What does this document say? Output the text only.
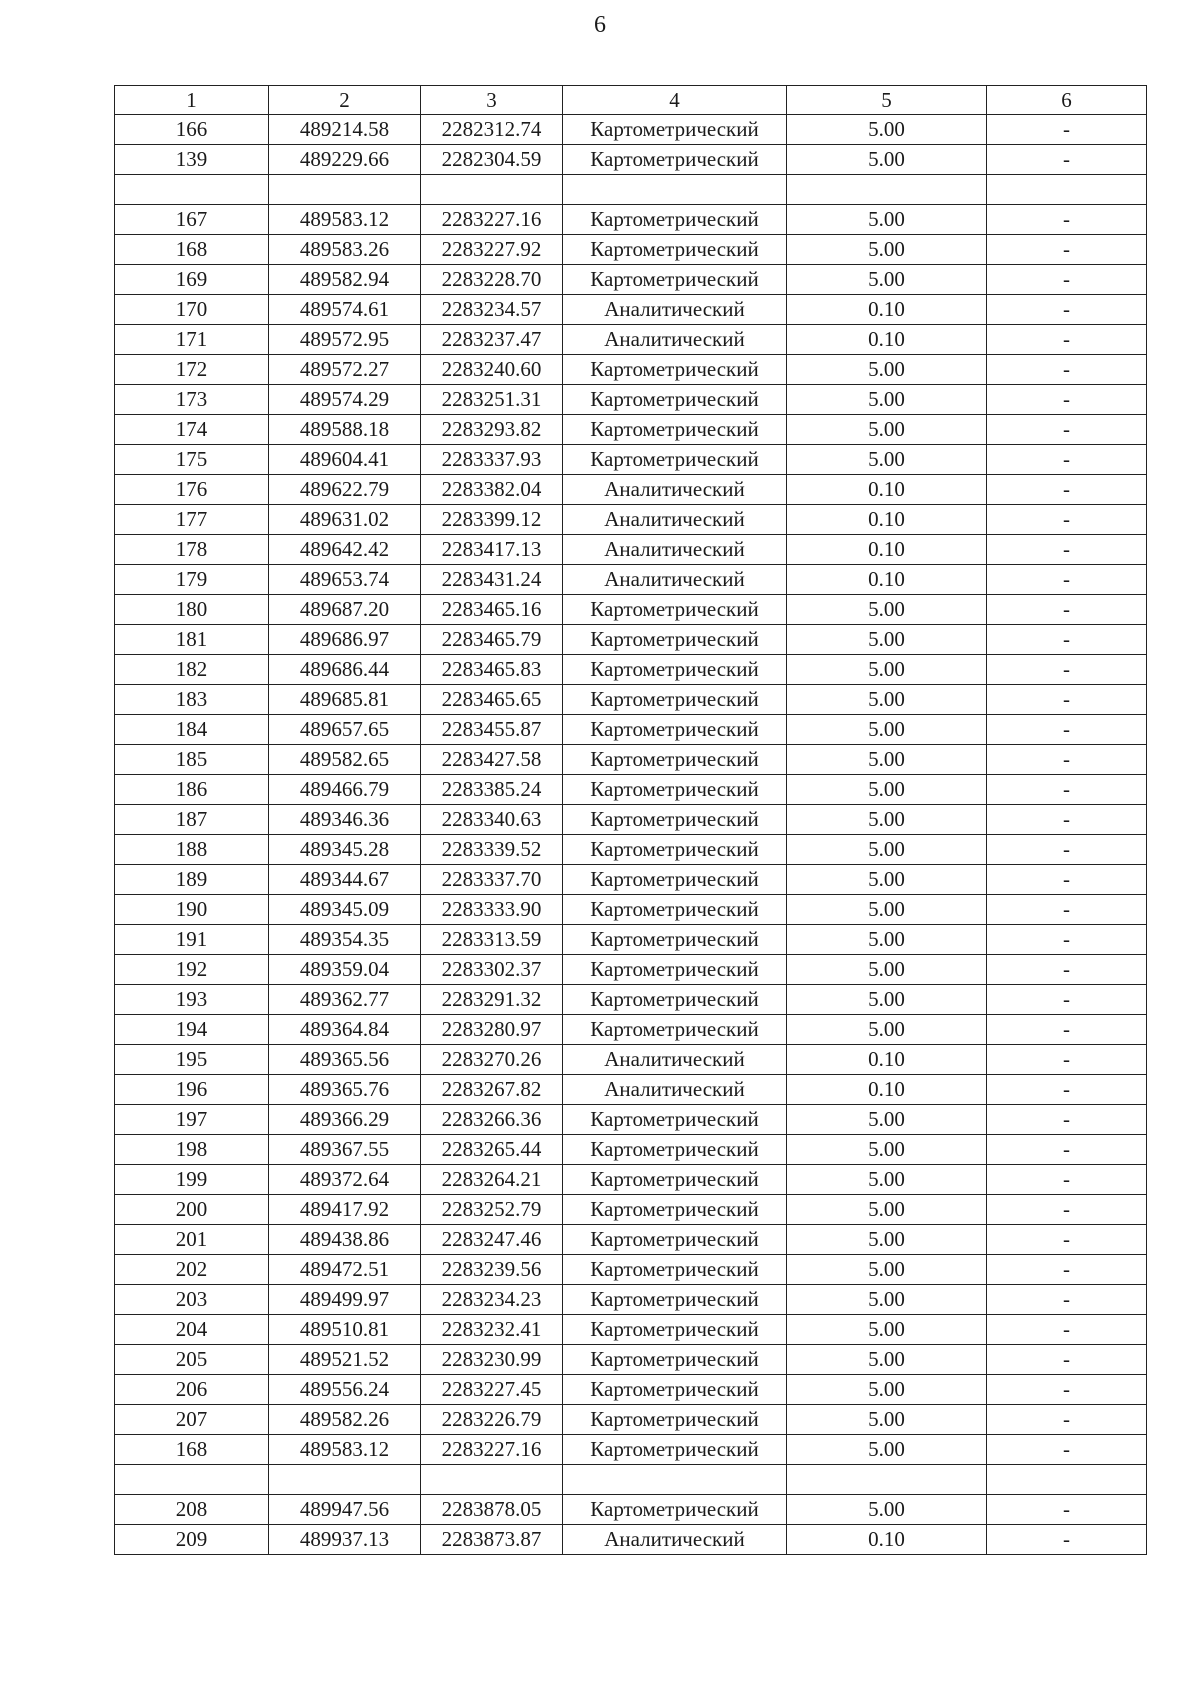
6
1	2	3	4	5	6
166	489214.58	2282312.74	Картометрический	5.00	-
139	489229.66	2282304.59	Картометрический	5.00	-

167	489583.12	2283227.16	Картометрический	5.00	-
168	489583.26	2283227.92	Картометрический	5.00	-
169	489582.94	2283228.70	Картометрический	5.00	-
170	489574.61	2283234.57	Аналитический	0.10	-
171	489572.95	2283237.47	Аналитический	0.10	-
172	489572.27	2283240.60	Картометрический	5.00	-
173	489574.29	2283251.31	Картометрический	5.00	-
174	489588.18	2283293.82	Картометрический	5.00	-
175	489604.41	2283337.93	Картометрический	5.00	-
176	489622.79	2283382.04	Аналитический	0.10	-
177	489631.02	2283399.12	Аналитический	0.10	-
178	489642.42	2283417.13	Аналитический	0.10	-
179	489653.74	2283431.24	Аналитический	0.10	-
180	489687.20	2283465.16	Картометрический	5.00	-
181	489686.97	2283465.79	Картометрический	5.00	-
182	489686.44	2283465.83	Картометрический	5.00	-
183	489685.81	2283465.65	Картометрический	5.00	-
184	489657.65	2283455.87	Картометрический	5.00	-
185	489582.65	2283427.58	Картометрический	5.00	-
186	489466.79	2283385.24	Картометрический	5.00	-
187	489346.36	2283340.63	Картометрический	5.00	-
188	489345.28	2283339.52	Картометрический	5.00	-
189	489344.67	2283337.70	Картометрический	5.00	-
190	489345.09	2283333.90	Картометрический	5.00	-
191	489354.35	2283313.59	Картометрический	5.00	-
192	489359.04	2283302.37	Картометрический	5.00	-
193	489362.77	2283291.32	Картометрический	5.00	-
194	489364.84	2283280.97	Картометрический	5.00	-
195	489365.56	2283270.26	Аналитический	0.10	-
196	489365.76	2283267.82	Аналитический	0.10	-
197	489366.29	2283266.36	Картометрический	5.00	-
198	489367.55	2283265.44	Картометрический	5.00	-
199	489372.64	2283264.21	Картометрический	5.00	-
200	489417.92	2283252.79	Картометрический	5.00	-
201	489438.86	2283247.46	Картометрический	5.00	-
202	489472.51	2283239.56	Картометрический	5.00	-
203	489499.97	2283234.23	Картометрический	5.00	-
204	489510.81	2283232.41	Картометрический	5.00	-
205	489521.52	2283230.99	Картометрический	5.00	-
206	489556.24	2283227.45	Картометрический	5.00	-
207	489582.26	2283226.79	Картометрический	5.00	-
168	489583.12	2283227.16	Картометрический	5.00	-

208	489947.56	2283878.05	Картометрический	5.00	-
209	489937.13	2283873.87	Аналитический	0.10	-
